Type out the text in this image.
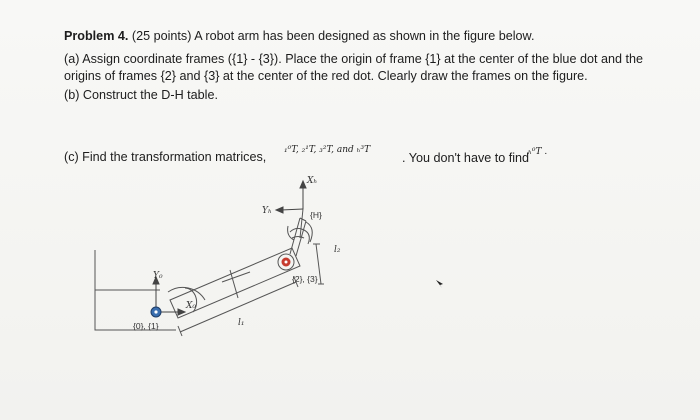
Problem 4. (25 points) A robot arm has been designed as shown in the figure below.

(a) Assign coordinate frames ({1} - {3}). Place the origin of frame {1} at the center of the blue dot and the origins of frames {2} and {3} at the center of the red dot. Clearly draw the frames on the figure.

(b) Construct the D-H table.

(c) Find the transformation matrices, ₁⁰T, ₂¹T, ₃²T, and ₕ³T
. You don't have to find
ₕ⁰T .
Xₕ
Yₕ	{H}
l₂
{2}, {3}
Y₀
X₀
{0}, {1}	l₁
